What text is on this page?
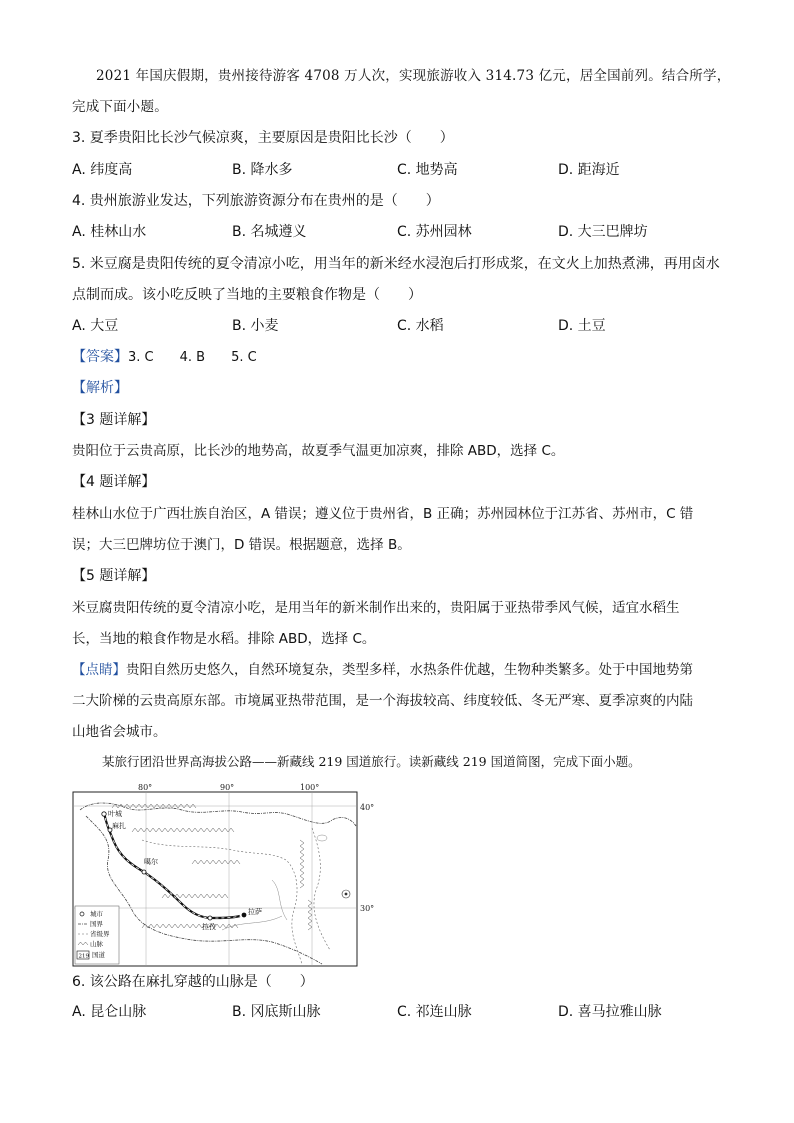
2021 年国庆假期，贵州接待游客 4708 万人次，实现旅游收入 314.73 亿元，居全国前列。结合所学，
完成下面小题。
3. 夏季贵阳比长沙气候凉爽，主要原因是贵阳比长沙（　　）
A. 纬度高	B. 降水多	C. 地势高	D. 距海近
4. 贵州旅游业发达，下列旅游资源分布在贵州的是（　　）
A. 桂林山水	B. 名城遵义	C. 苏州园林	D. 大三巴牌坊
5. 米豆腐是贵阳传统的夏令清凉小吃，用当年的新米经水浸泡后打形成浆，在文火上加热煮沸，再用卤水
点制而成。该小吃反映了当地的主要粮食作物是（　　）
A. 大豆	B. 小麦	C. 水稻	D. 土豆
【答案】3. C　　4. B　　5. C
【解析】
【3 题详解】
贵阳位于云贵高原，比长沙的地势高，故夏季气温更加凉爽，排除 ABD，选择 C。
【4 题详解】
桂林山水位于广西壮族自治区，A 错误；遵义位于贵州省，B 正确；苏州园林位于江苏省、苏州市，C 错
误；大三巴牌坊位于澳门，D 错误。根据题意，选择 B。
【5 题详解】
米豆腐贵阳传统的夏令清凉小吃，是用当年的新米制作出来的，贵阳属于亚热带季风气候，适宜水稻生
长，当地的粮食作物是水稻。排除 ABD，选择 C。
【点睛】贵阳自然历史悠久，自然环境复杂，类型多样，水热条件优越，生物种类繁多。处于中国地势第
二大阶梯的云贵高原东部。市境属亚热带范围，是一个海拔较高、纬度较低、冬无严寒、夏季凉爽的内陆
山地省会城市。
某旅行团沿世界高海拔公路——新藏线 219 国道旅行。读新藏线 219 国道简图，完成下面小题。
80°	90°	100°
40°
30°
叶城
麻扎
噶尔
拉孜
拉萨
城市
国界
省级界
山脉
219 国道
6. 该公路在麻扎穿越的山脉是（　　）
A. 昆仑山脉	B. 冈底斯山脉	C. 祁连山脉	D. 喜马拉雅山脉
